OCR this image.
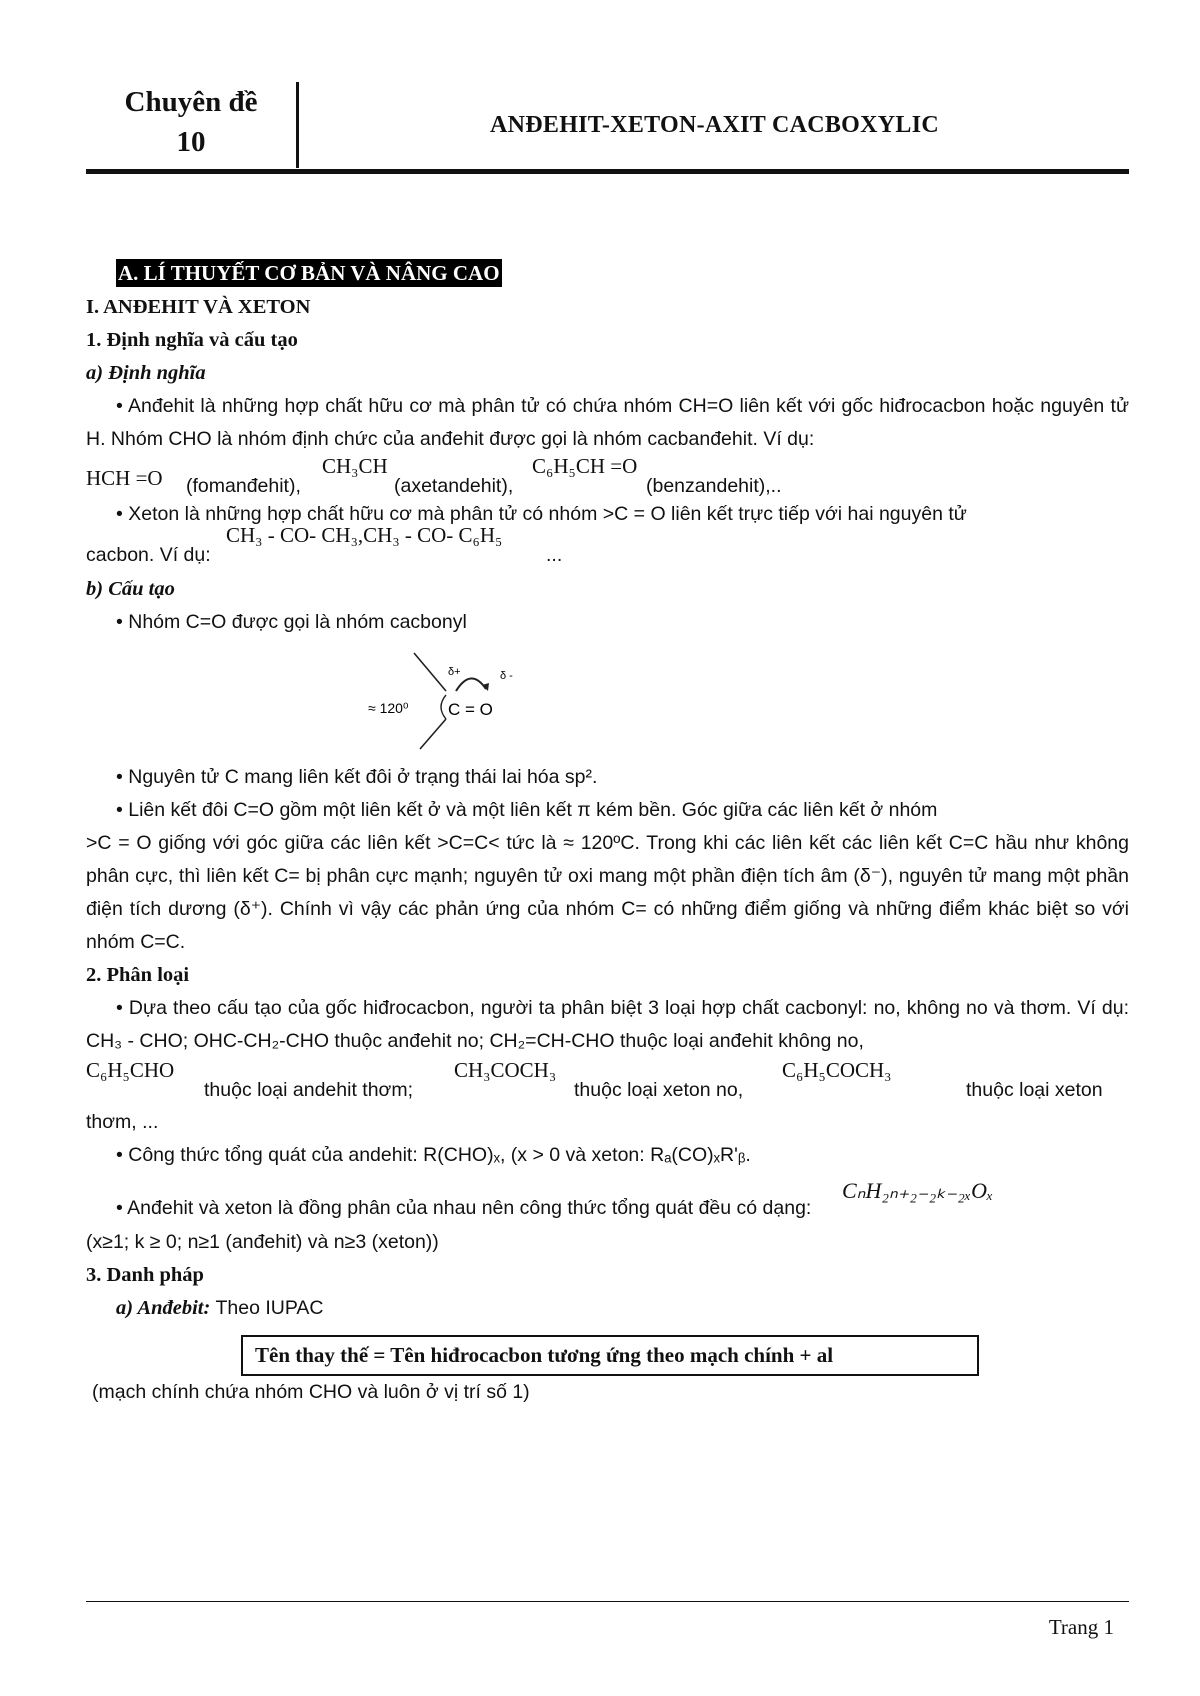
Chuyên đề
10
ANĐEHIT-XETON-AXIT CACBOXYLIC

A. LÍ THUYẾT CƠ BẢN VÀ NÂNG CAO

I. ANĐEHIT VÀ XETON

1. Định nghĩa và cấu tạo

a) Định nghĩa

• Anđehit là những hợp chất hữu cơ mà phân tử có chứa nhóm CH=O liên kết với gốc hiđrocacbon hoặc nguyên tử H. Nhóm CHO là nhóm định chức của anđehit được gọi là nhóm cacbanđehit. Ví dụ:

HCH =O (fomanđehit),
CH₃CH
(axetandehit),
C₆H₅CH =O
(benzandehit),..

• Xeton là những hợp chất hữu cơ mà phân tử có nhóm >C = O liên kết trực tiếp với hai nguyên tử

cacbon. Ví dụ:
CH₃ - CO- CH₃,CH₃ - CO- C₆H₅
...

b) Cấu tạo

• Nhóm C=O được gọi là nhóm cacbonyl

≈ 120⁰
δ+	δ -
C = O

• Nguyên tử C mang liên kết đôi ở trạng thái lai hóa sp².

• Liên kết đôi C=O gồm một liên kết ở và một liên kết π kém bền. Góc giữa các liên kết ở nhóm

>C = O giống với góc giữa các liên kết >C=C< tức là ≈ 120ºC. Trong khi các liên kết các liên kết C=C hầu như không phân cực, thì liên kết C= bị phân cực mạnh; nguyên tử oxi mang một phần điện tích âm (δ⁻), nguyên tử mang một phần điện tích dương (δ⁺). Chính vì vậy các phản ứng của nhóm C= có những điểm giống và những điểm khác biệt so với nhóm C=C.

2. Phân loại

• Dựa theo cấu tạo của gốc hiđrocacbon, người ta phân biệt 3 loại hợp chất cacbonyl: no, không no và thơm. Ví dụ: CH₃ - CHO; OHC-CH₂-CHO thuộc anđehit no; CH₂=CH-CHO thuộc loại anđehit không no,

C₆H₅CHO
thuộc loại andehit thơm;
CH₃COCH₃
thuộc loại xeton no,
C₆H₅COCH₃
thuộc loại xeton

thơm, ...

• Công thức tổng quát của andehit: R(CHO)ₓ, (x > 0 và xeton: Rₐ(CO)ₓR'ᵦ.

• Anđehit và xeton là đồng phân của nhau nên công thức tổng quát đều có dạng:
CₙH₂ₙ₊₂₋₂ₖ₋₂ₓOₓ

(x≥1; k ≥ 0; n≥1 (anđehit) và n≥3 (xeton))

3. Danh pháp

a) Anđebit: Theo IUPAC

Tên thay thế = Tên hiđrocacbon tương ứng theo mạch chính + al

(mạch chính chứa nhóm CHO và luôn ở vị trí số 1)

Trang 1
